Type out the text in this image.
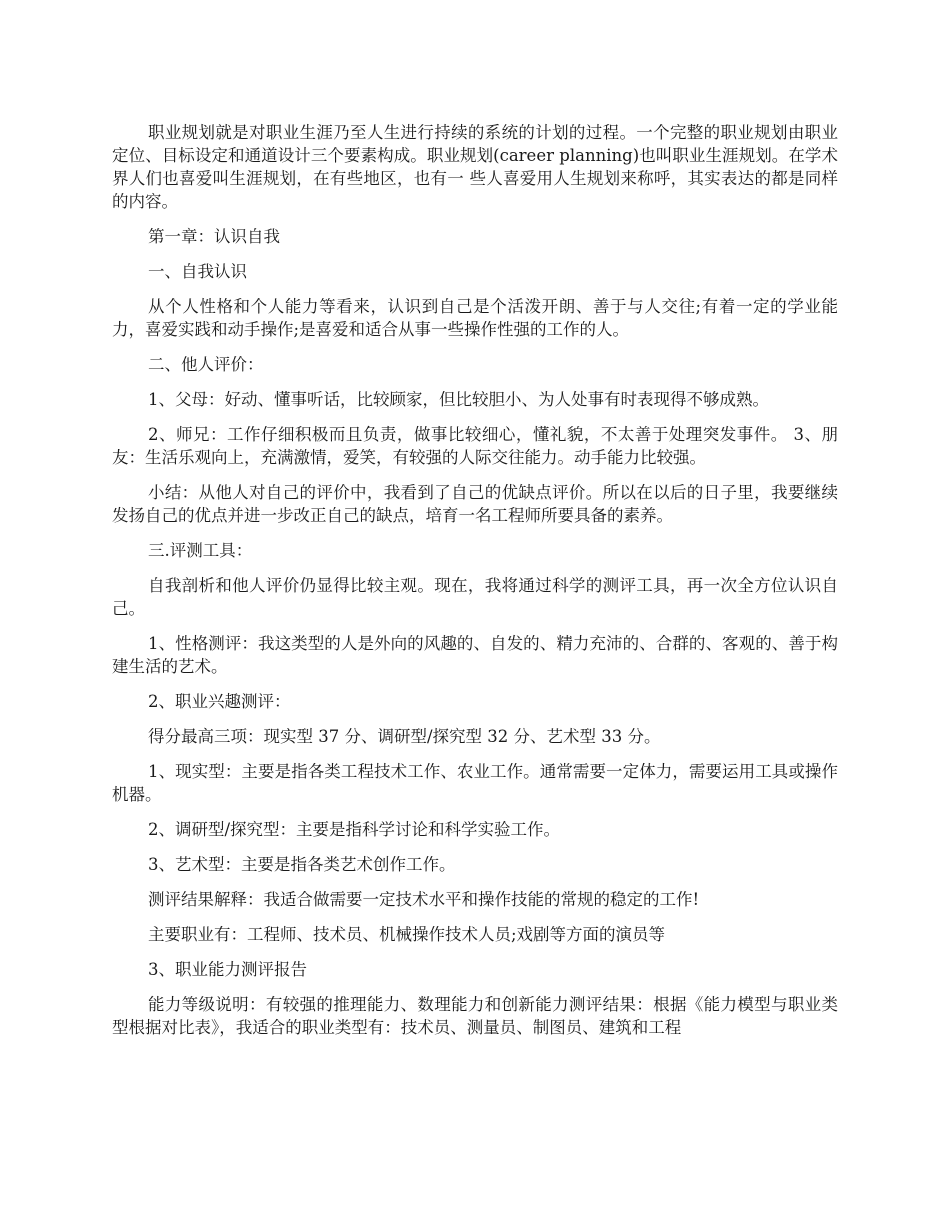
职业规划就是对职业生涯乃至人生进行持续的系统的计划的过程。一个完整的职业规划由职业定位、目标设定和通道设计三个要素构成。职业规划(career planning)也叫职业生涯规划。在学术界人们也喜爱叫生涯规划，在有些地区，也有一 些人喜爱用人生规划来称呼，其实表达的都是同样的内容。

第一章：认识自我

一、自我认识

从个人性格和个人能力等看来，认识到自己是个活泼开朗、善于与人交往;有着一定的学业能力，喜爱实践和动手操作;是喜爱和适合从事一些操作性强的工作的人。

二、他人评价：

1、父母：好动、懂事听话，比较顾家，但比较胆小、为人处事有时表现得不够成熟。

2、师兄：工作仔细积极而且负责，做事比较细心，懂礼貌，不太善于处理突发事件。 3、朋友：生活乐观向上，充满激情，爱笑，有较强的人际交往能力。动手能力比较强。

小结：从他人对自己的评价中，我看到了自己的优缺点评价。所以在以后的日子里，我要继续发扬自己的优点并进一步改正自己的缺点，培育一名工程师所要具备的素养。

三.评测工具：

自我剖析和他人评价仍显得比较主观。现在，我将通过科学的测评工具，再一次全方位认识自己。

1、性格测评：我这类型的人是外向的风趣的、自发的、精力充沛的、合群的、客观的、善于构建生活的艺术。

2、职业兴趣测评：

得分最高三项：现实型 37 分、调研型/探究型 32 分、艺术型 33 分。

1、现实型：主要是指各类工程技术工作、农业工作。通常需要一定体力，需要运用工具或操作机器。

2、调研型/探究型：主要是指科学讨论和科学实验工作。

3、艺术型：主要是指各类艺术创作工作。

测评结果解释：我适合做需要一定技术水平和操作技能的常规的稳定的工作!

主要职业有：工程师、技术员、机械操作技术人员;戏剧等方面的演员等

3、职业能力测评报告

能力等级说明：有较强的推理能力、数理能力和创新能力测评结果：根据《能力模型与职业类型根据对比表》，我适合的职业类型有：技术员、测量员、制图员、建筑和工程
